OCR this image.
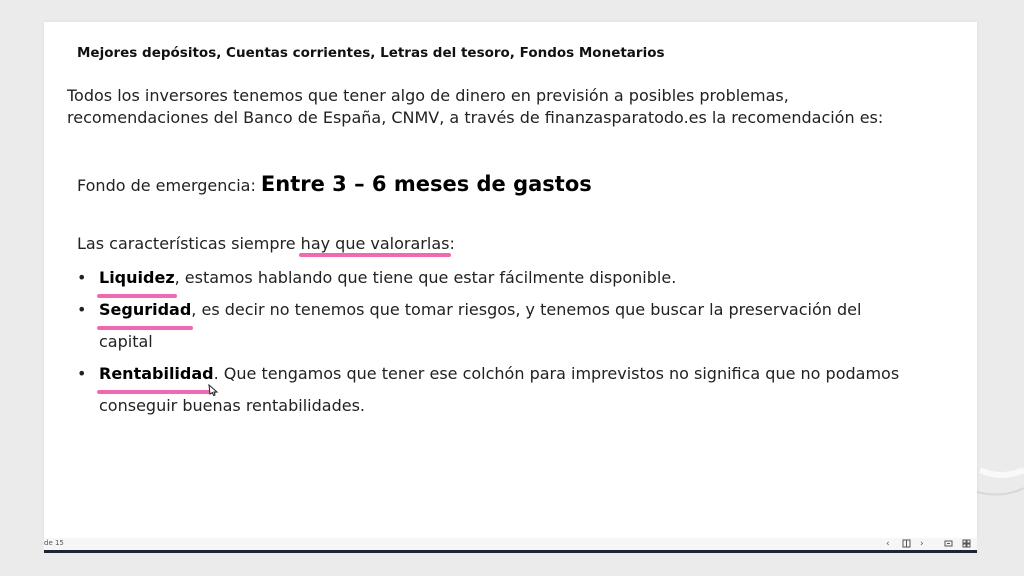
Mejores depósitos, Cuentas corrientes, Letras del tesoro, Fondos Monetarios
Todos los inversores tenemos que tener algo de dinero en previsión a posibles problemas, recomendaciones del Banco de España, CNMV, a través de finanzasparatodo.es la recomendación es:
Fondo de emergencia: Entre 3 – 6 meses de gastos
Las características siempre hay que valorarlas:
• Liquidez, estamos hablando que tiene que estar fácilmente disponible.
• Seguridad, es decir no tenemos que tomar riesgos, y tenemos que buscar la preservación del capital
• Rentabilidad. Que tengamos que tener ese colchón para imprevistos no significa que no podamos conseguir buenas rentabilidades.
de 15	‹	›
